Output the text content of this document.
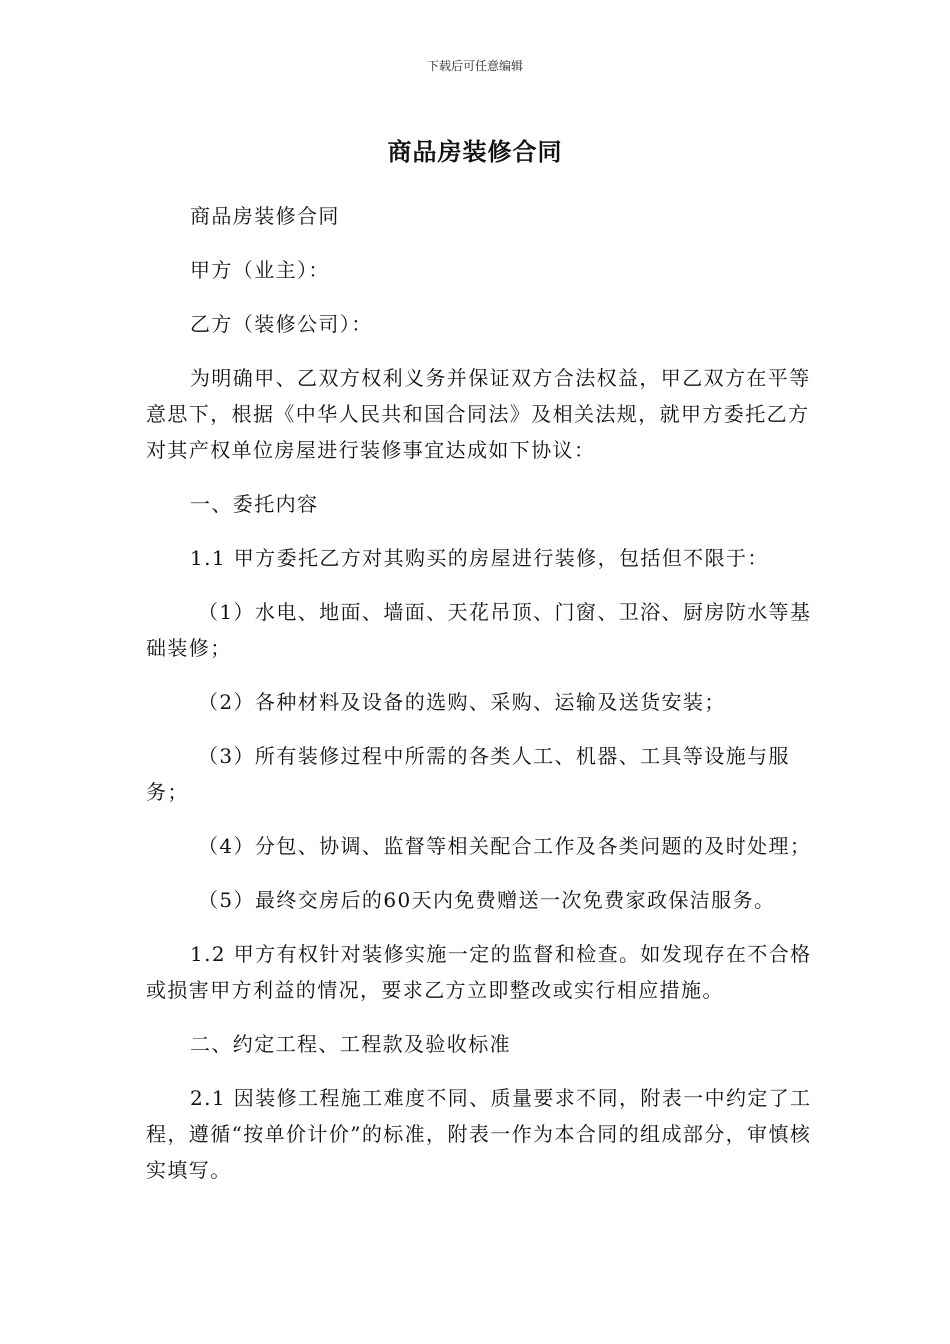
下载后可任意编辑
商品房装修合同

商品房装修合同

甲方（业主）：

乙方（装修公司）：

为明确甲、乙双方权利义务并保证双方合法权益，甲乙双方在平等意思下，根据《中华人民共和国合同法》及相关法规，就甲方委托乙方对其产权单位房屋进行装修事宜达成如下协议：

一、委托内容

1.1 甲方委托乙方对其购买的房屋进行装修，包括但不限于：

（1）水电、地面、墙面、天花吊顶、门窗、卫浴、厨房防水等基础装修；

（2）各种材料及设备的选购、采购、运输及送货安装；

（3）所有装修过程中所需的各类人工、机器、工具等设施与服务；

（4）分包、协调、监督等相关配合工作及各类问题的及时处理；

（5）最终交房后的60天内免费赠送一次免费家政保洁服务。

1.2 甲方有权针对装修实施一定的监督和检查。如发现存在不合格或损害甲方利益的情况，要求乙方立即整改或实行相应措施。

二、约定工程、工程款及验收标准

2.1 因装修工程施工难度不同、质量要求不同，附表一中约定了工程，遵循“按单价计价”的标准，附表一作为本合同的组成部分，审慎核实填写。
